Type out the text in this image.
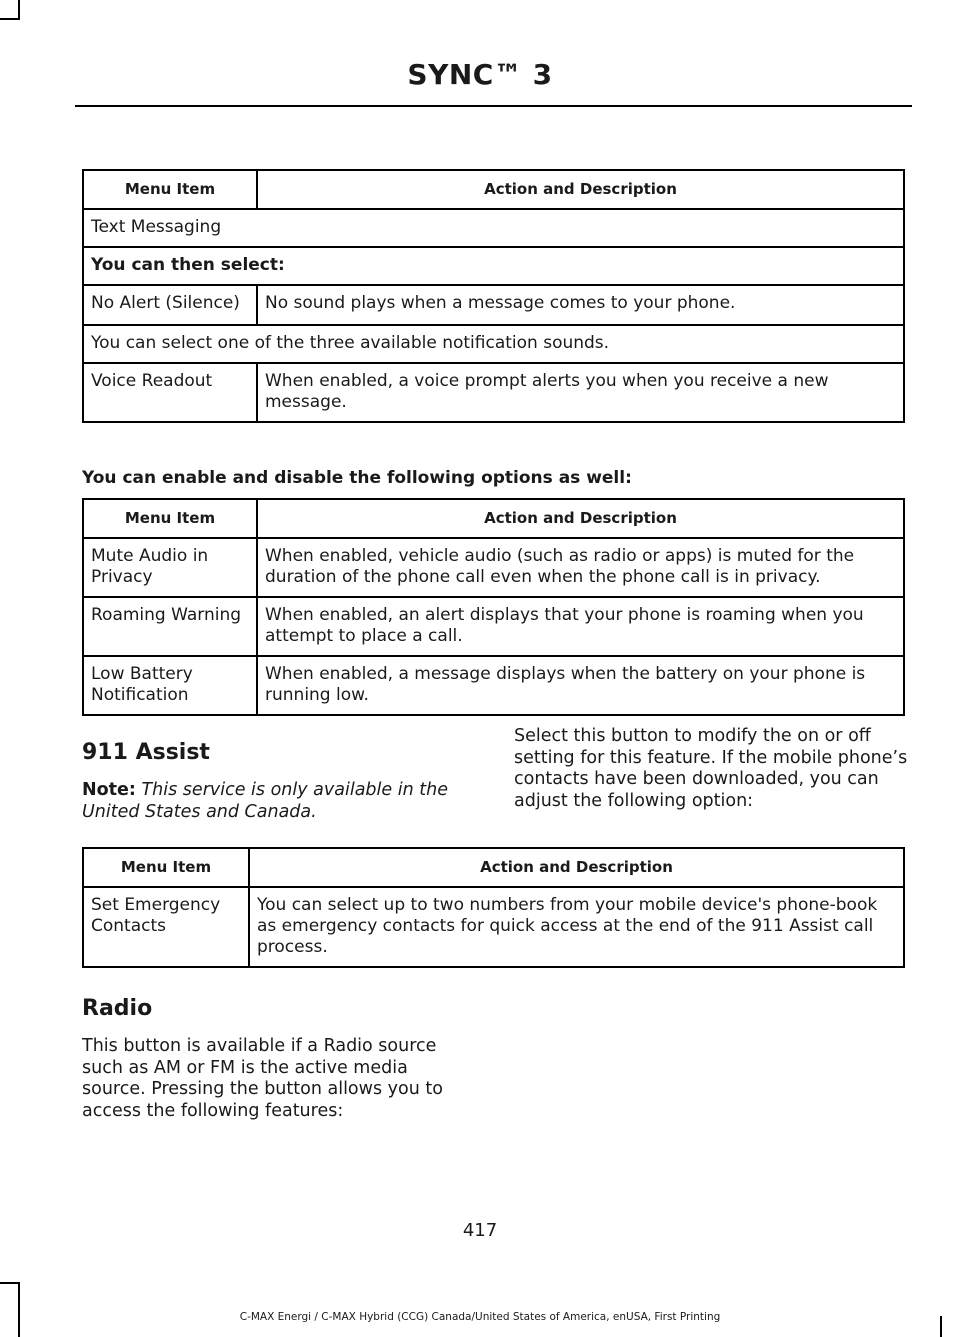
SYNC™ 3
Menu Item	Action and Description
Text Messaging	
You can then select:	
No Alert (Silence)	No sound plays when a message comes to your phone.
You can select one of the three available notification sounds.	
Voice Readout	When enabled, a voice prompt alerts you when you receive a new message.
You can enable and disable the following options as well:
Menu Item	Action and Description
Mute Audio in Privacy	When enabled, vehicle audio (such as radio or apps) is muted for the duration of the phone call even when the phone call is in privacy.
Roaming Warning	When enabled, an alert displays that your phone is roaming when you attempt to place a call.
Low Battery Notification	When enabled, a message displays when the battery on your phone is running low.
911 Assist
Note: This service is only available in the United States and Canada.
Select this button to modify the on or off setting for this feature. If the mobile phone’s contacts have been downloaded, you can adjust the following option:
Menu Item	Action and Description
Set Emergency Contacts	You can select up to two numbers from your mobile device's phone-book as emergency contacts for quick access at the end of the 911 Assist call process.
Radio
This button is available if a Radio source such as AM or FM is the active media source. Pressing the button allows you to access the following features:
417
C-MAX Energi / C-MAX Hybrid (CCG) Canada/United States of America, enUSA, First Printing
